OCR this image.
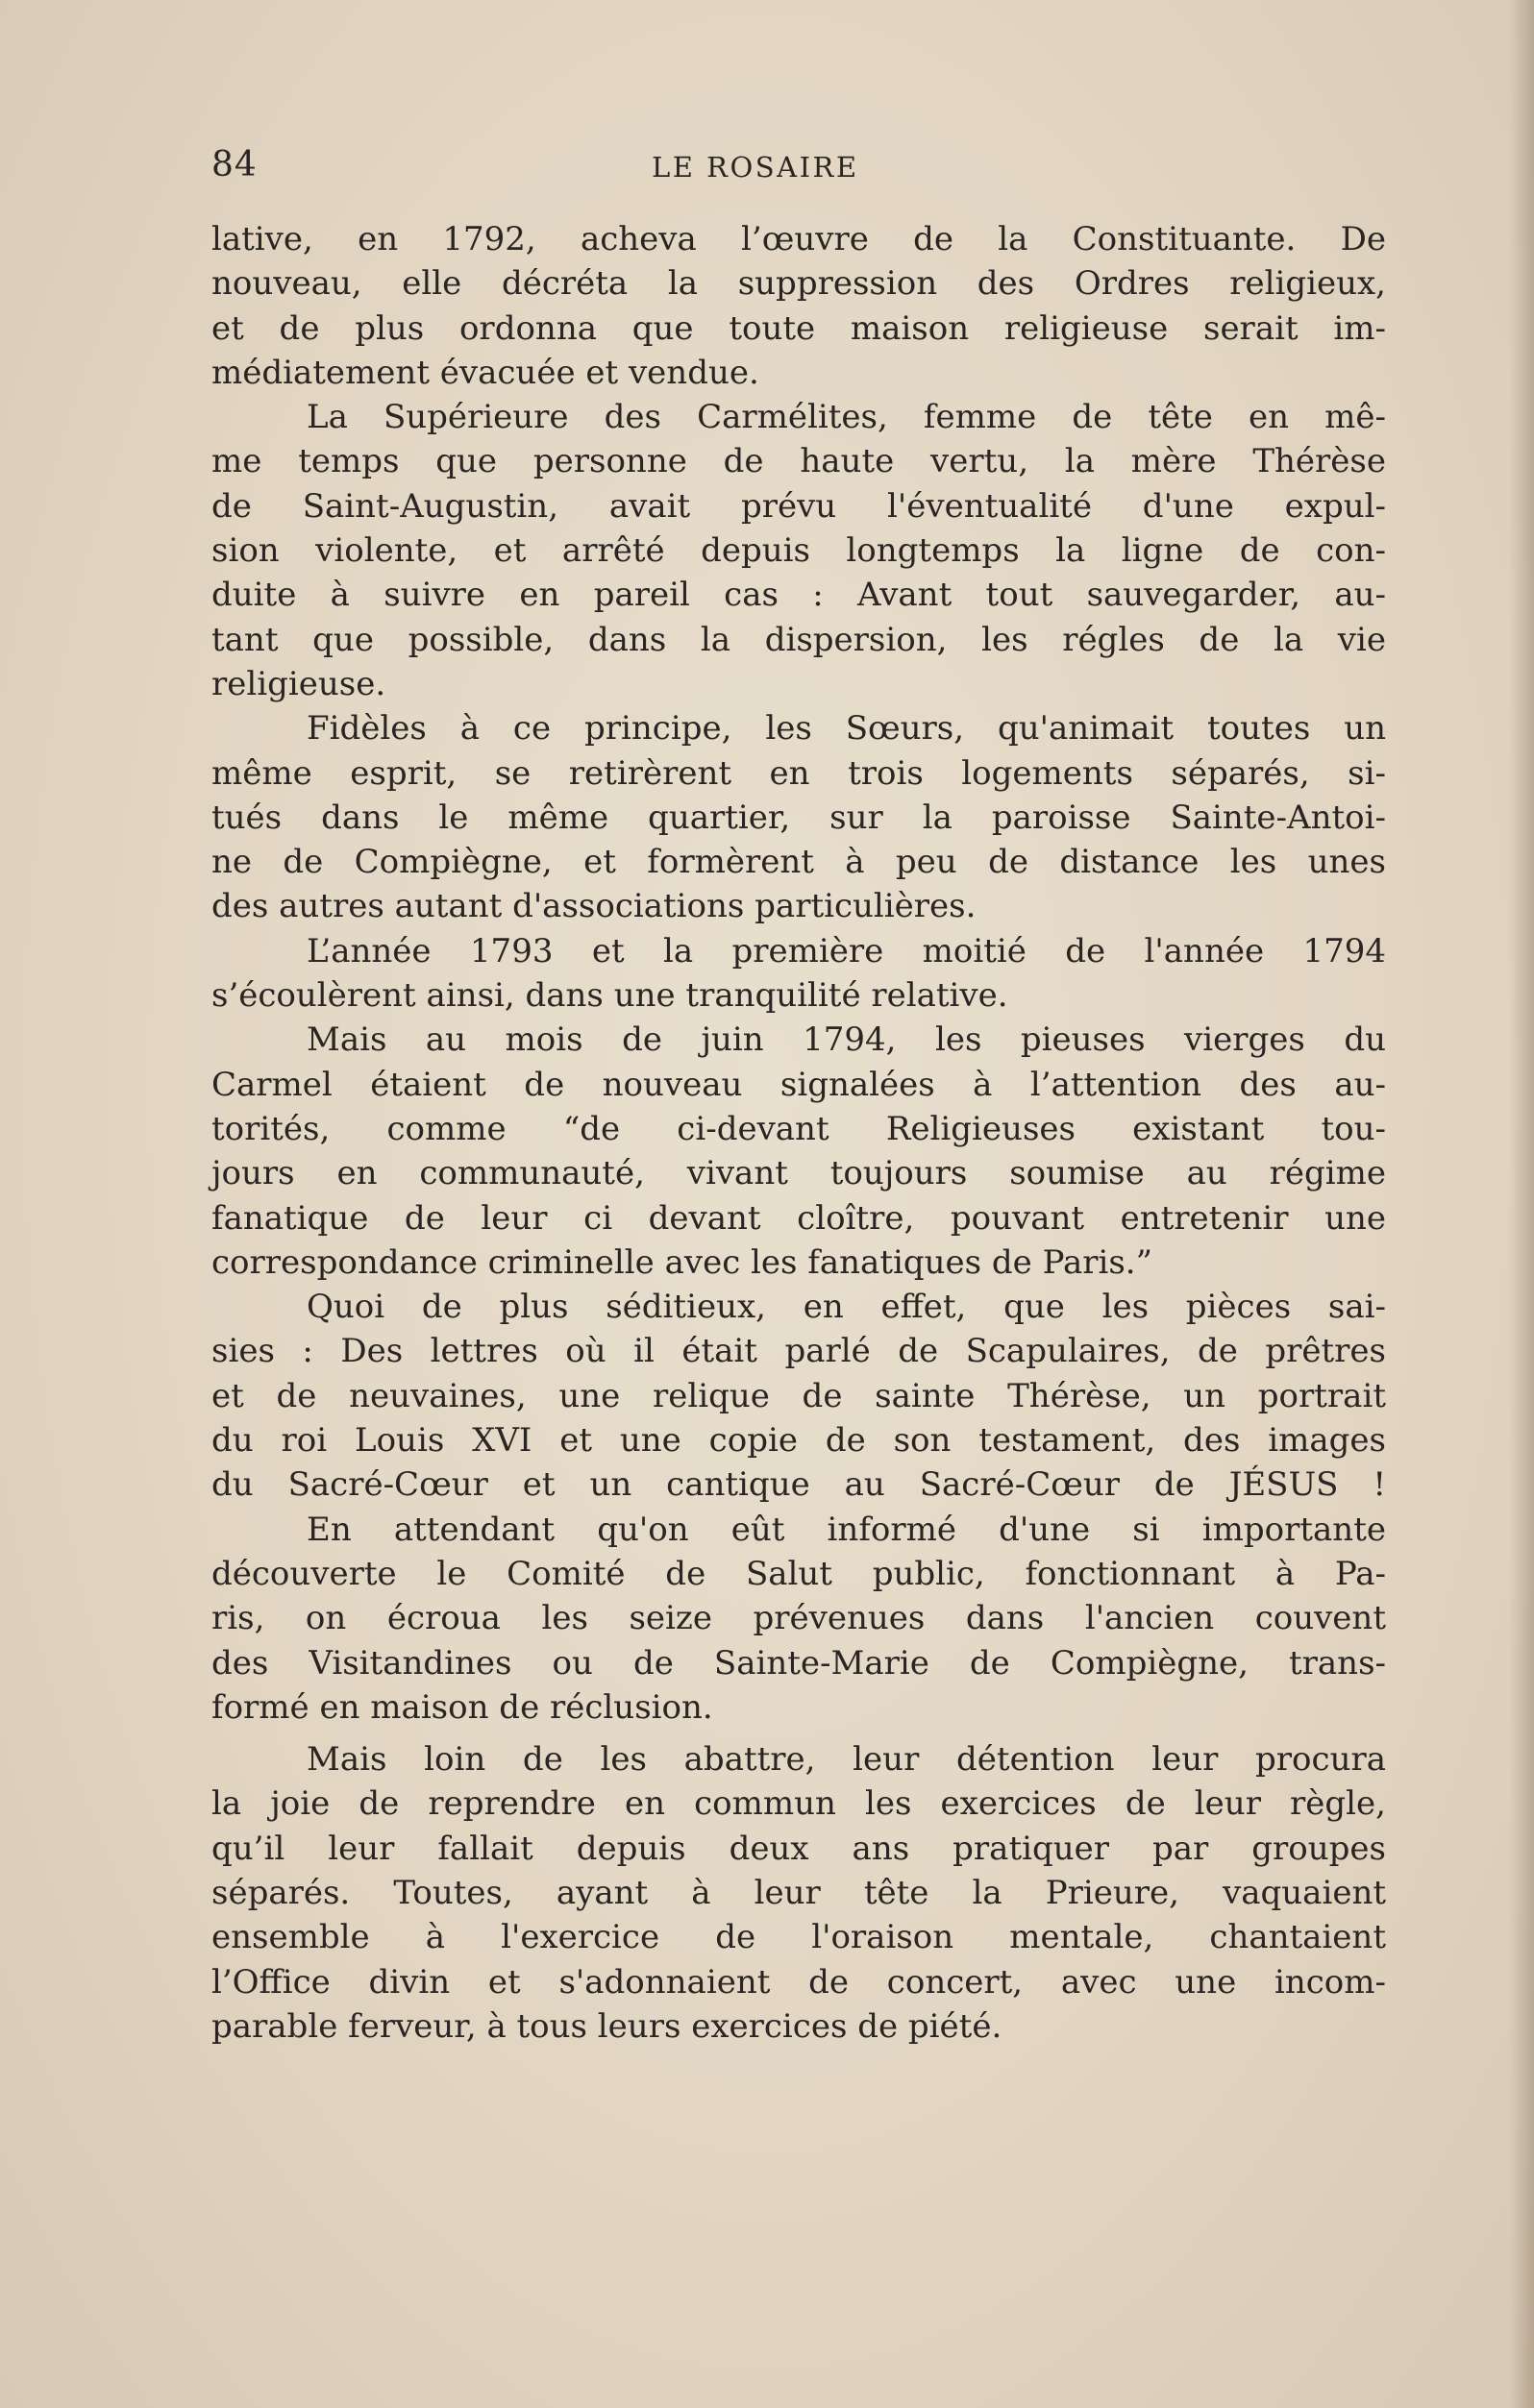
84	LE ROSAIRE
lative, en 1792, acheva l’œuvre de la Constituante. De
nouveau, elle décréta la suppression des Ordres religieux,
et de plus ordonna que toute maison religieuse serait im-
médiatement évacuée et vendue.
La Supérieure des Carmélites, femme de tête en mê-
me temps que personne de haute vertu, la mère Thérèse
de Saint-Augustin, avait prévu l'éventualité d'une expul-
sion violente, et arrêté depuis longtemps la ligne de con-
duite à suivre en pareil cas : Avant tout sauvegarder, au-
tant que possible, dans la dispersion, les régles de la vie
religieuse.
Fidèles à ce principe, les Sœurs, qu'animait toutes un
même esprit, se retirèrent en trois logements séparés, si-
tués dans le même quartier, sur la paroisse Sainte-Antoi-
ne de Compiègne, et formèrent à peu de distance les unes
des autres autant d'associations particulières.
L’année 1793 et la première moitié de l'année 1794
s’écoulèrent ainsi, dans une tranquilité relative.
Mais au mois de juin 1794, les pieuses vierges du
Carmel étaient de nouveau signalées à l’attention des au-
torités, comme “de ci-devant Religieuses existant tou-
jours en communauté, vivant toujours soumise au régime
fanatique de leur ci devant cloître, pouvant entretenir une
correspondance criminelle avec les fanatiques de Paris.”
Quoi de plus séditieux, en effet, que les pièces sai-
sies : Des lettres où il était parlé de Scapulaires, de prêtres
et de neuvaines, une relique de sainte Thérèse, un portrait
du roi Louis XVI et une copie de son testament, des images
du Sacré-Cœur et un cantique au Sacré-Cœur de JÉSUS !
En attendant qu'on eût informé d'une si importante
découverte le Comité de Salut public, fonctionnant à Pa-
ris, on écroua les seize prévenues dans l'ancien couvent
des Visitandines ou de Sainte-Marie de Compiègne, trans-
formé en maison de réclusion.
Mais loin de les abattre, leur détention leur procura
la joie de reprendre en commun les exercices de leur règle,
qu’il leur fallait depuis deux ans pratiquer par groupes
séparés. Toutes, ayant à leur tête la Prieure, vaquaient
ensemble à l'exercice de l'oraison mentale, chantaient
l’Office divin et s'adonnaient de concert, avec une incom-
parable ferveur, à tous leurs exercices de piété.
